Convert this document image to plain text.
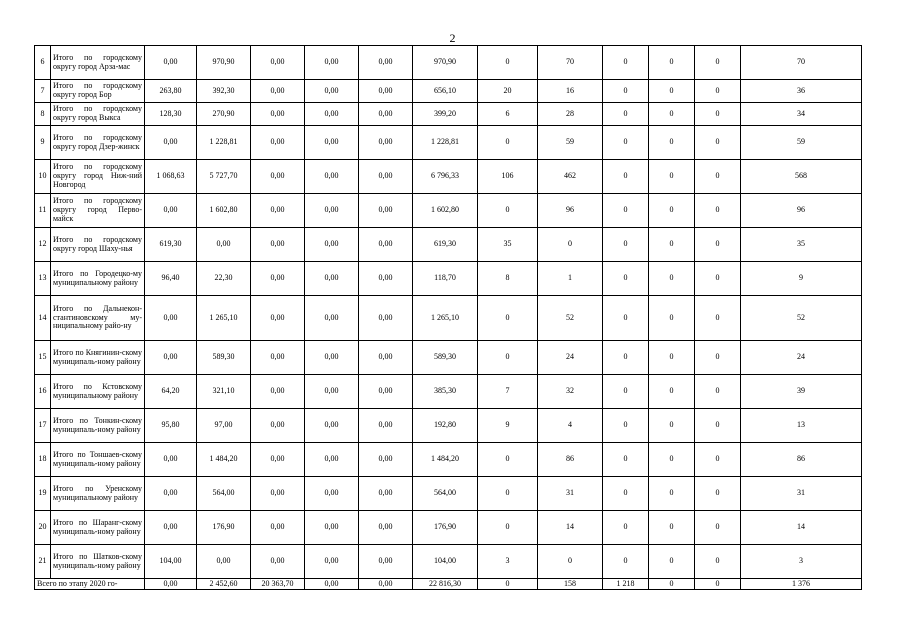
2
6	Итого по городскому округу город Арза-мас	0,00	970,90	0,00	0,00	0,00	970,90	0	70	0	0	0	70
7	Итого по городскому округу город Бор	263,80	392,30	0,00	0,00	0,00	656,10	20	16	0	0	0	36
8	Итого по городскому округу город Выкса	128,30	270,90	0,00	0,00	0,00	399,20	6	28	0	0	0	34
9	Итого по городскому округу город Дзер-жинск	0,00	1 228,81	0,00	0,00	0,00	1 228,81	0	59	0	0	0	59
10	Итого по городскому округу город Ниж-ний Новгород	1 068,63	5 727,70	0,00	0,00	0,00	6 796,33	106	462	0	0	0	568
11	Итого по городскому округу город Перво-майск	0,00	1 602,80	0,00	0,00	0,00	1 602,80	0	96	0	0	0	96
12	Итого по городскому округу город Шаху-нья	619,30	0,00	0,00	0,00	0,00	619,30	35	0	0	0	0	35
13	Итого по Городецко-му муниципальному району	96,40	22,30	0,00	0,00	0,00	118,70	8	1	0	0	0	9
14	Итого по Дальнекон-стантиновскому му-ниципальному райо-ну	0,00	1 265,10	0,00	0,00	0,00	1 265,10	0	52	0	0	0	52
15	Итого по Княгинин-скому муниципаль-ному району	0,00	589,30	0,00	0,00	0,00	589,30	0	24	0	0	0	24
16	Итого по Кстовскому муниципальному району	64,20	321,10	0,00	0,00	0,00	385,30	7	32	0	0	0	39
17	Итого по Тонкин-скому муниципаль-ному району	95,80	97,00	0,00	0,00	0,00	192,80	9	4	0	0	0	13
18	Итого по Тоншаев-скому муниципаль-ному району	0,00	1 484,20	0,00	0,00	0,00	1 484,20	0	86	0	0	0	86
19	Итого по Уренскому муниципальному району	0,00	564,00	0,00	0,00	0,00	564,00	0	31	0	0	0	31
20	Итого по Шаранг-скому муниципаль-ному району	0,00	176,90	0,00	0,00	0,00	176,90	0	14	0	0	0	14
21	Итого по Шатков-скому муниципаль-ному району	104,00	0,00	0,00	0,00	0,00	104,00	3	0	0	0	0	3
Всего по этапу 2020 го-		0,00	2 452,60	20 363,70	0,00	0,00	22 816,30	0	158	1 218	0	0	1 376
